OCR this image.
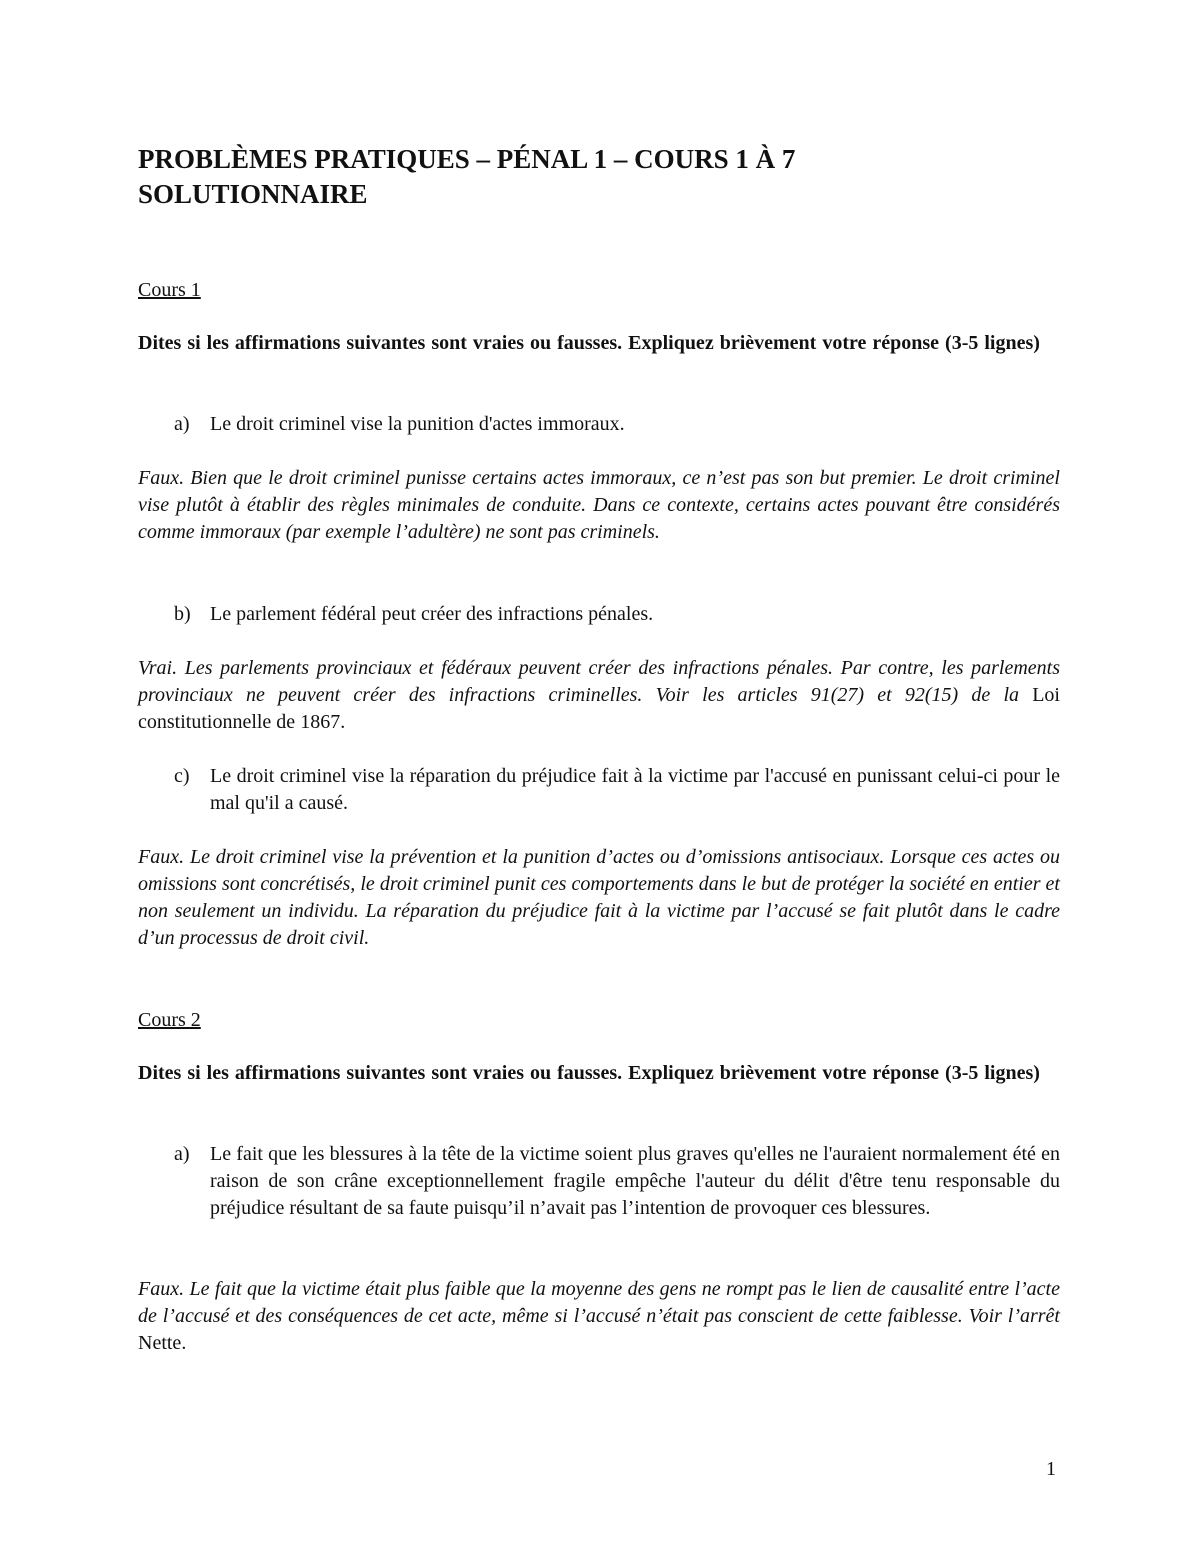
PROBLÈMES PRATIQUES – PÉNAL 1 – COURS 1 À 7
SOLUTIONNAIRE
Cours 1
Dites si les affirmations suivantes sont vraies ou fausses. Expliquez brièvement votre réponse (3-5 lignes)
a)	Le droit criminel vise la punition d'actes immoraux.
Faux. Bien que le droit criminel punisse certains actes immoraux, ce n’est pas son but premier. Le droit criminel vise plutôt à établir des règles minimales de conduite. Dans ce contexte, certains actes pouvant être considérés comme immoraux (par exemple l’adultère) ne sont pas criminels.
b) Le parlement fédéral peut créer des infractions pénales.
Vrai. Les parlements provinciaux et fédéraux peuvent créer des infractions pénales. Par contre, les parlements provinciaux ne peuvent créer des infractions criminelles. Voir les articles 91(27) et 92(15) de la Loi constitutionnelle de 1867.
c)	Le droit criminel vise la réparation du préjudice fait à la victime par l'accusé en punissant celui-ci pour le mal qu'il a causé.
Faux. Le droit criminel vise la prévention et la punition d’actes ou d’omissions antisociaux. Lorsque ces actes ou omissions sont concrétisés, le droit criminel punit ces comportements dans le but de protéger la société en entier et non seulement un individu. La réparation du préjudice fait à la victime par l’accusé se fait plutôt dans le cadre d’un processus de droit civil.
Cours 2
Dites si les affirmations suivantes sont vraies ou fausses. Expliquez brièvement votre réponse (3-5 lignes)
a)	Le fait que les blessures à la tête de la victime soient plus graves qu'elles ne l'auraient normalement été en raison de son crâne exceptionnellement fragile empêche l'auteur du délit d'être tenu responsable du préjudice résultant de sa faute puisqu’il n’avait pas l’intention de provoquer ces blessures.
Faux. Le fait que la victime était plus faible que la moyenne des gens ne rompt pas le lien de causalité entre l’acte de l’accusé et des conséquences de cet acte, même si l’accusé n’était pas conscient de cette faiblesse. Voir l’arrêt Nette.
1
